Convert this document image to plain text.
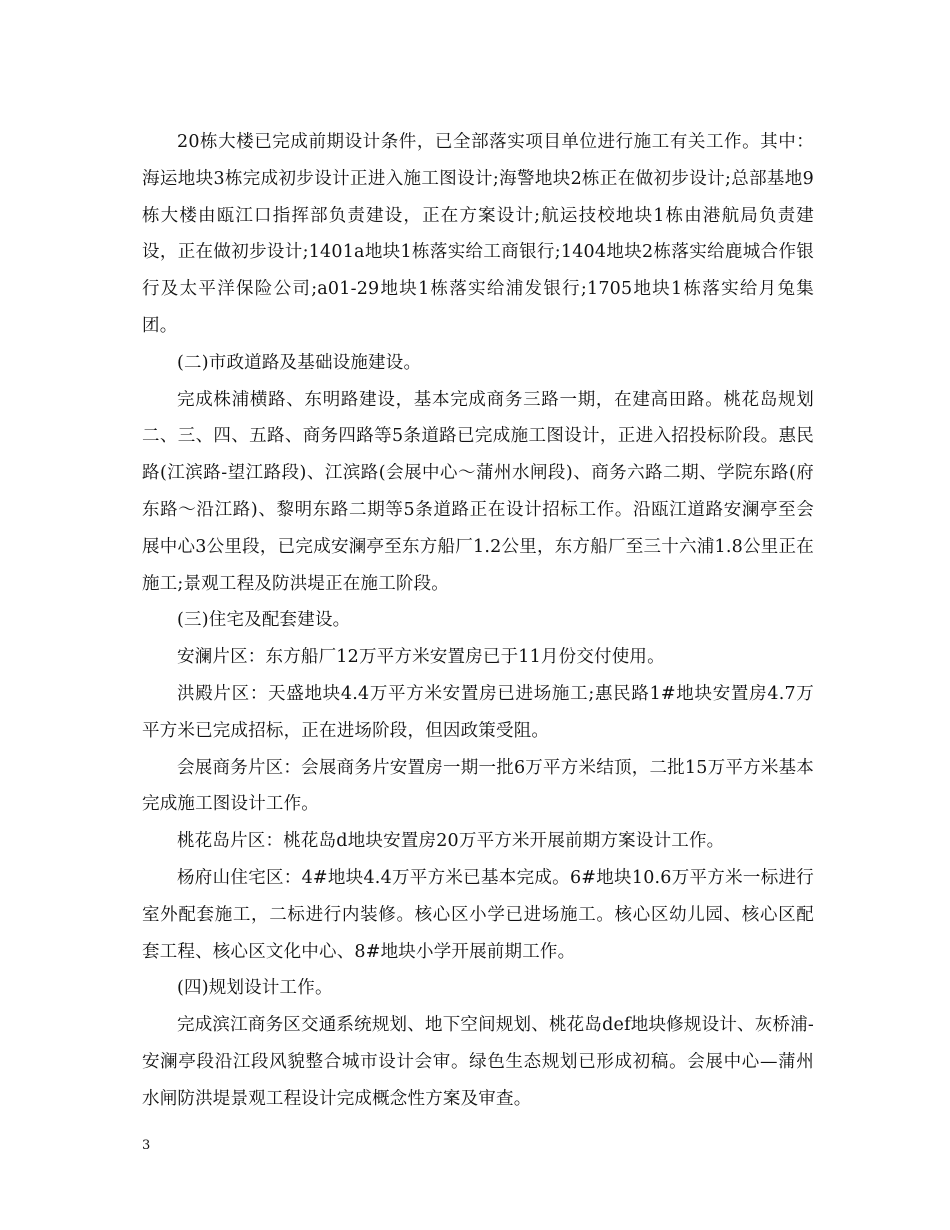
20栋大楼已完成前期设计条件，已全部落实项目单位进行施工有关工作。其中：海运地块3栋完成初步设计正进入施工图设计;海警地块2栋正在做初步设计;总部基地9栋大楼由瓯江口指挥部负责建设，正在方案设计;航运技校地块1栋由港航局负责建设，正在做初步设计;1401a地块1栋落实给工商银行;1404地块2栋落实给鹿城合作银行及太平洋保险公司;a01-29地块1栋落实给浦发银行;1705地块1栋落实给月兔集团。

(二)市政道路及基础设施建设。

完成株浦横路、东明路建设，基本完成商务三路一期，在建高田路。桃花岛规划二、三、四、五路、商务四路等5条道路已完成施工图设计，正进入招投标阶段。惠民路(江滨路-望江路段)、江滨路(会展中心～蒲州水闸段)、商务六路二期、学院东路(府东路～沿江路)、黎明东路二期等5条道路正在设计招标工作。沿瓯江道路安澜亭至会展中心3公里段，已完成安澜亭至东方船厂1.2公里，东方船厂至三十六浦1.8公里正在施工;景观工程及防洪堤正在施工阶段。

(三)住宅及配套建设。

安澜片区：东方船厂12万平方米安置房已于11月份交付使用。

洪殿片区：天盛地块4.4万平方米安置房已进场施工;惠民路1#地块安置房4.7万平方米已完成招标，正在进场阶段，但因政策受阻。

会展商务片区：会展商务片安置房一期一批6万平方米结顶，二批15万平方米基本完成施工图设计工作。

桃花岛片区：桃花岛d地块安置房20万平方米开展前期方案设计工作。

杨府山住宅区：4#地块4.4万平方米已基本完成。6#地块10.6万平方米一标进行室外配套施工，二标进行内装修。核心区小学已进场施工。核心区幼儿园、核心区配套工程、核心区文化中心、8#地块小学开展前期工作。

(四)规划设计工作。

完成滨江商务区交通系统规划、地下空间规划、桃花岛def地块修规设计、灰桥浦-安澜亭段沿江段风貌整合城市设计会审。绿色生态规划已形成初稿。会展中心—蒲州水闸防洪堤景观工程设计完成概念性方案及审查。

3
